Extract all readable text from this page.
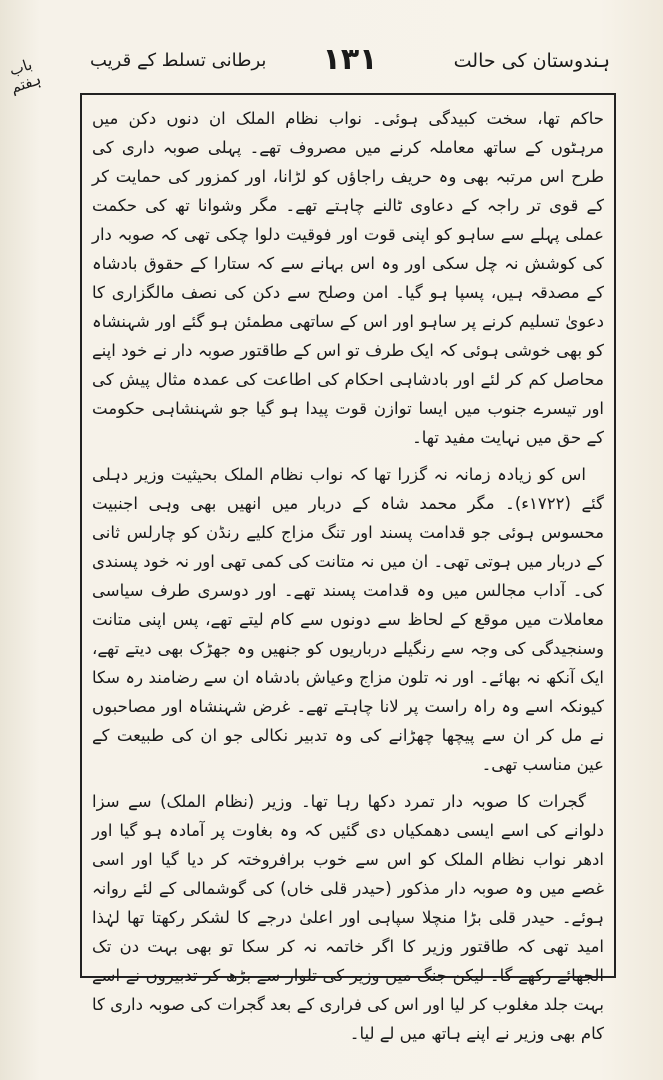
ہندوستان کی حالت
۱۳۱
برطانی تسلط کے قریب
باب ہفتم

حاکم تھا، سخت کبیدگی ہوئی۔ نواب نظام الملک ان دنوں دکن میں مرہٹوں کے ساتھ معاملہ کرنے میں مصروف تھے۔ پہلی صوبہ داری کی طرح اس مرتبہ بھی وہ حریف راجاؤں کو لڑانا، اور کمزور کی حمایت کر کے قوی تر راجہ کے دعاوی ٹالنے چاہتے تھے۔ مگر وشوانا تھ کی حکمت عملی پہلے سے ساہو کو اپنی قوت اور فوقیت دلوا چکی تھی کہ صوبہ دار کی کوشش نہ چل سکی اور وہ اس بہانے سے کہ ستارا کے حقوق بادشاہ کے مصدقہ ہیں، پسپا ہو گیا۔ امن وصلح سے دکن کی نصف مالگزاری کا دعویٰ تسلیم کرنے پر ساہو اور اس کے ساتھی مطمئن ہو گئے اور شہنشاہ کو بھی خوشی ہوئی کہ ایک طرف تو اس کے طاقتور صوبہ دار نے خود اپنے محاصل کم کر لئے اور بادشاہی احکام کی اطاعت کی عمدہ مثال پیش کی اور تیسرے جنوب میں ایسا توازن قوت پیدا ہو گیا جو شہنشاہی حکومت کے حق میں نہایت مفید تھا۔

اس کو زیادہ زمانہ نہ گزرا تھا کہ نواب نظام الملک بحیثیت وزیر دہلی گئے (۱۷۲۲ء)۔ مگر محمد شاہ کے دربار میں انھیں بھی وہی اجنبیت محسوس ہوئی جو قدامت پسند اور تنگ مزاج کلیے رنڈن کو چارلس ثانی کے دربار میں ہوتی تھی۔ ان میں نہ متانت کی کمی تھی اور نہ خود پسندی کی۔ آداب مجالس میں وہ قدامت پسند تھے۔ اور دوسری طرف سیاسی معاملات میں موقع کے لحاظ سے دونوں سے کام لیتے تھے، پس اپنی متانت وسنجیدگی کی وجہ سے رنگیلے درباریوں کو جنھیں وہ جھڑک بھی دیتے تھے، ایک آنکھ نہ بھائے۔ اور نہ تلون مزاج وعیاش بادشاہ ان سے رضامند رہ سکا کیونکہ اسے وہ راہ راست پر لانا چاہتے تھے۔ غرض شہنشاہ اور مصاحبوں نے مل کر ان سے پیچھا چھڑانے کی وہ تدبیر نکالی جو ان کی طبیعت کے عین مناسب تھی۔

گجرات کا صوبہ دار تمرد دکھا رہا تھا۔ وزیر (نظام الملک) سے سزا دلوانے کی اسے ایسی دھمکیاں دی گئیں کہ وہ بغاوت پر آمادہ ہو گیا اور ادھر نواب نظام الملک کو اس سے خوب برافروختہ کر دیا گیا اور اسی غصے میں وہ صوبہ دار مذکور (حیدر قلی خاں) کی گوشمالی کے لئے روانہ ہوئے۔ حیدر قلی بڑا منچلا سپاہی اور اعلیٰ درجے کا لشکر رکھتا تھا لہٰذا امید تھی کہ طاقتور وزیر کا اگر خاتمہ نہ کر سکا تو بھی بہت دن تک الجھائے رکھے گا۔ لیکن جنگ میں وزیر کی تلوار سے بڑھ کر تدبیروں نے اسے بہت جلد مغلوب کر لیا اور اس کی فراری کے بعد گجرات کی صوبہ داری کا کام بھی وزیر نے اپنے ہاتھ میں لے لیا۔
